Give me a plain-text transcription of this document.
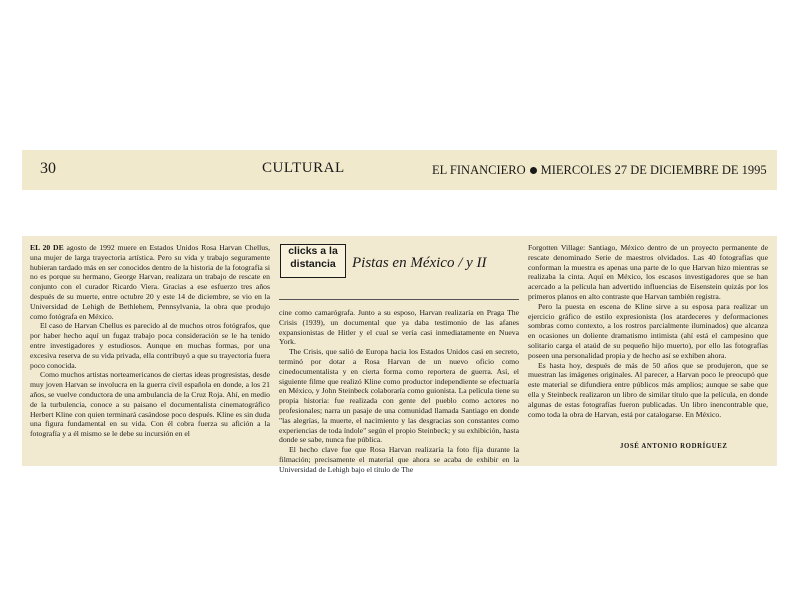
30	CULTURAL	EL FINANCIERO MIERCOLES 27 DE DICIEMBRE DE 1995

EL 20 DE agosto de 1992 muere en Estados Unidos Rosa Harvan Chellus, una mujer de larga trayectoria artística. Pero su vida y trabajo seguramente hubieran tardado más en ser conocidos dentro de la historia de la fotografía si no es porque su hermano, George Harvan, realizara un trabajo de rescate en conjunto con el curador Ricardo Viera. Gracias a ese esfuerzo tres años después de su muerte, entre octubre 20 y este 14 de diciembre, se vio en la Universidad de Lehigh de Bethlehem, Pennsylvania, la obra que produjo como fotógrafa en México.

El caso de Harvan Chellus es parecido al de muchos otros fotógrafos, que por haber hecho aquí un fugaz trabajo poca consideración se le ha tenido entre investigadores y estudiosos. Aunque en muchas formas, por una excesiva reserva de su vida privada, ella contribuyó a que su trayectoria fuera poco conocida.

Como muchos artistas norteamericanos de ciertas ideas progresistas, desde muy joven Harvan se involucra en la guerra civil española en donde, a los 21 años, se vuelve conductora de una ambulancia de la Cruz Roja. Ahí, en medio de la turbulencia, conoce a su paisano el documentalista cinematográfico Herbert Kline con quien terminará casándose poco después. Kline es sin duda una figura fundamental en su vida. Con él cobra fuerza su afición a la fotografía y a él mismo se le debe su incursión en el

clicks a la
distancia	Pistas en México / y II

cine como camarógrafa. Junto a su esposo, Harvan realizaría en Praga The Crisis (1939), un documental que ya daba testimonio de las afanes expansionistas de Hitler y el cual se vería casi inmediatamente en Nueva York.

The Crisis, que salió de Europa hacia los Estados Unidos casi en secreto, terminó por dotar a Rosa Harvan de un nuevo oficio como cinedocumentalista y en cierta forma como reportera de guerra. Así, el siguiente filme que realizó Kline como productor independiente se efectuaría en México, y John Steinbeck colaboraría como guionista. La película tiene su propia historia: fue realizada con gente del pueblo como actores no profesionales; narra un pasaje de una comunidad llamada Santiago en donde "las alegrías, la muerte, el nacimiento y las desgracias son constantes como experiencias de toda índole" según el propio Steinbeck; y su exhibición, hasta donde se sabe, nunca fue pública.

El hecho clave fue que Rosa Harvan realizaría la foto fija durante la filmación; precisamente el material que ahora se acaba de exhibir en la Universidad de Lehigh bajo el título de The

Forgotten Village: Santiago, México dentro de un proyecto permanente de rescate denominado Serie de maestros olvidados. Las 40 fotografías que conforman la muestra es apenas una parte de lo que Harvan hizo mientras se realizaba la cinta. Aquí en México, los escasos investigadores que se han acercado a la película han advertido influencias de Eisenstein quizás por los primeros planos en alto contraste que Harvan también registra.

Pero la puesta en escena de Kline sirve a su esposa para realizar un ejercicio gráfico de estilo expresionista (los atardeceres y deformaciones sombras como contexto, a los rostros parcialmente iluminados) que alcanza en ocasiones un doliente dramatismo intimista (ahí está el campesino que solitario carga el ataúd de su pequeño hijo muerto), por ello las fotografías poseen una personalidad propia y de hecho así se exhiben ahora.

Es hasta hoy, después de más de 50 años que se produjeron, que se muestran las imágenes originales. Al parecer, a Harvan poco le preocupó que este material se difundiera entre públicos más amplios; aunque se sabe que ella y Steinbeck realizaron un libro de similar título que la película, en donde algunas de estas fotografías fueron publicadas. Un libro inencontrable que, como toda la obra de Harvan, está por catalogarse. En México.

JOSÉ ANTONIO RODRÍGUEZ
